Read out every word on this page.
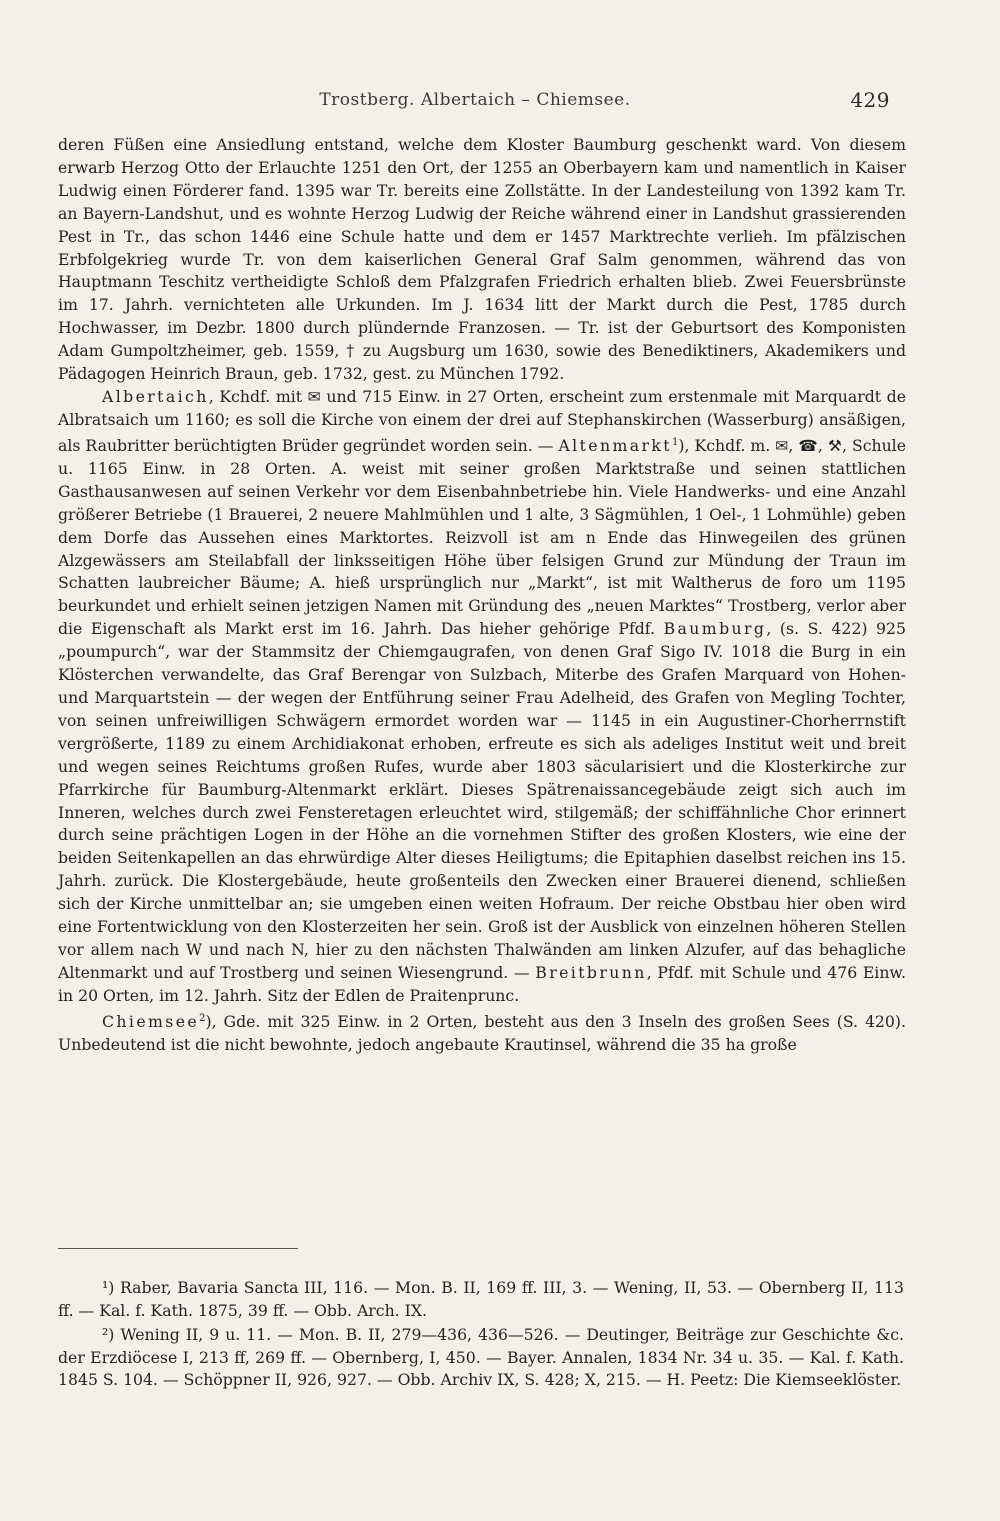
Trostberg. Albertaich – Chiemsee.	429

deren Füßen eine Ansiedlung entstand, welche dem Kloster Baumburg geschenkt ward. Von diesem erwarb Herzog Otto der Erlauchte 1251 den Ort, der 1255 an Oberbayern kam und namentlich in Kaiser Ludwig einen Förderer fand. 1395 war Tr. bereits eine Zollstätte. In der Landesteilung von 1392 kam Tr. an Bayern-Landshut, und es wohnte Herzog Ludwig der Reiche während einer in Landshut grassierenden Pest in Tr., das schon 1446 eine Schule hatte und dem er 1457 Marktrechte verlieh. Im pfälzischen Erbfolgekrieg wurde Tr. von dem kaiserlichen General Graf Salm genommen, während das von Hauptmann Teschitz vertheidigte Schloß dem Pfalzgrafen Friedrich erhalten blieb. Zwei Feuersbrünste im 17. Jahrh. vernichteten alle Urkunden. Im J. 1634 litt der Markt durch die Pest, 1785 durch Hochwasser, im Dezbr. 1800 durch plündernde Franzosen. — Tr. ist der Geburtsort des Komponisten Adam Gumpoltzheimer, geb. 1559, † zu Augsburg um 1630, sowie des Benediktiners, Akademikers und Pädagogen Heinrich Braun, geb. 1732, gest. zu München 1792.

Albertaich, Kchdf. mit ✉ und 715 Einw. in 27 Orten, erscheint zum erstenmale mit Marquardt de Albratsaich um 1160; es soll die Kirche von einem der drei auf Stephanskirchen (Wasserburg) ansäßigen, als Raubritter berüchtigten Brüder gegründet worden sein. — Altenmarkt$^1$), Kchdf. m. ✉, ☎, ⚒, Schule u. 1165 Einw. in 28 Orten. A. weist mit seiner großen Marktstraße und seinen stattlichen Gasthausanwesen auf seinen Verkehr vor dem Eisenbahnbetriebe hin. Viele Handwerks- und eine Anzahl größerer Betriebe (1 Brauerei, 2 neuere Mahlmühlen und 1 alte, 3 Sägmühlen, 1 Oel-, 1 Lohmühle) geben dem Dorfe das Aussehen eines Marktortes. Reizvoll ist am n Ende das Hinwegeilen des grünen Alzgewässers am Steilabfall der linksseitigen Höhe über felsigen Grund zur Mündung der Traun im Schatten laubreicher Bäume; A. hieß ursprünglich nur „Markt“, ist mit Waltherus de foro um 1195 beurkundet und erhielt seinen jetzigen Namen mit Gründung des „neuen Marktes“ Trostberg, verlor aber die Eigenschaft als Markt erst im 16. Jahrh. Das hieher gehörige Pfdf. Baumburg, (s. S. 422) 925 „poumpurch“, war der Stammsitz der Chiemgaugrafen, von denen Graf Sigo IV. 1018 die Burg in ein Klösterchen verwandelte, das Graf Berengar von Sulzbach, Miterbe des Grafen Marquard von Hohen- und Marquartstein — der wegen der Entführung seiner Frau Adelheid, des Grafen von Megling Tochter, von seinen unfreiwilligen Schwägern ermordet worden war — 1145 in ein Augustiner-Chorherrnstift vergrößerte, 1189 zu einem Archidiakonat erhoben, erfreute es sich als adeliges Institut weit und breit und wegen seines Reichtums großen Rufes, wurde aber 1803 säcularisiert und die Klosterkirche zur Pfarrkirche für Baumburg-Altenmarkt erklärt. Dieses Spätrenaissancegebäude zeigt sich auch im Inneren, welches durch zwei Fensteretagen erleuchtet wird, stilgemäß; der schiffähnliche Chor erinnert durch seine prächtigen Logen in der Höhe an die vornehmen Stifter des großen Klosters, wie eine der beiden Seitenkapellen an das ehrwürdige Alter dieses Heiligtums; die Epitaphien daselbst reichen ins 15. Jahrh. zurück. Die Klostergebäude, heute großenteils den Zwecken einer Brauerei dienend, schließen sich der Kirche unmittelbar an; sie umgeben einen weiten Hofraum. Der reiche Obstbau hier oben wird eine Fortentwicklung von den Klosterzeiten her sein. Groß ist der Ausblick von einzelnen höheren Stellen vor allem nach W und nach N, hier zu den nächsten Thalwänden am linken Alzufer, auf das behagliche Altenmarkt und auf Trostberg und seinen Wiesengrund. — Breitbrunn, Pfdf. mit Schule und 476 Einw. in 20 Orten, im 12. Jahrh. Sitz der Edlen de Praitenprunc.

Chiemsee$^2$), Gde. mit 325 Einw. in 2 Orten, besteht aus den 3 Inseln des großen Sees (S. 420). Unbedeutend ist die nicht bewohnte, jedoch angebaute Krautinsel, während die 35 ha große

¹) Raber, Bavaria Sancta III, 116. — Mon. B. II, 169 ff. III, 3. — Wening, II, 53. — Obernberg II, 113 ff. — Kal. f. Kath. 1875, 39 ff. — Obb. Arch. IX.

²) Wening II, 9 u. 11. — Mon. B. II, 279—436, 436—526. — Deutinger, Beiträge zur Geschichte &c. der Erzdiöcese I, 213 ff, 269 ff. — Obernberg, I, 450. — Bayer. Annalen, 1834 Nr. 34 u. 35. — Kal. f. Kath. 1845 S. 104. — Schöppner II, 926, 927. — Obb. Archiv IX, S. 428; X, 215. — H. Peetz: Die Kiemseeklöster.
